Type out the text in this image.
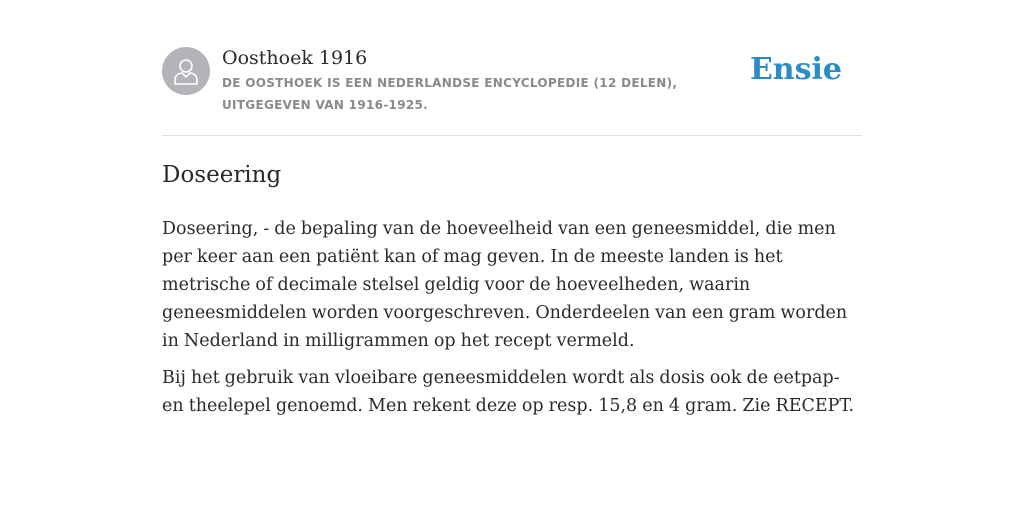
Oosthoek 1916
DE OOSTHOEK IS EEN NEDERLANDSE ENCYCLOPEDIE (12 DELEN), UITGEGEVEN VAN 1916-1925.
Ensie
Doseering

Doseering, - de bepaling van de hoeveelheid van een geneesmiddel, die men per keer aan een patiënt kan of mag geven. In de meeste landen is het metrische of decimale stelsel geldig voor de hoeveelheden, waarin geneesmiddelen worden voorgeschreven. Onderdeelen van een gram worden in Nederland in milligrammen op het recept vermeld.

Bij het gebruik van vloeibare geneesmiddelen wordt als dosis ook de eetpap- en theelepel genoemd. Men rekent deze op resp. 15,8 en 4 gram. Zie RECEPT.
